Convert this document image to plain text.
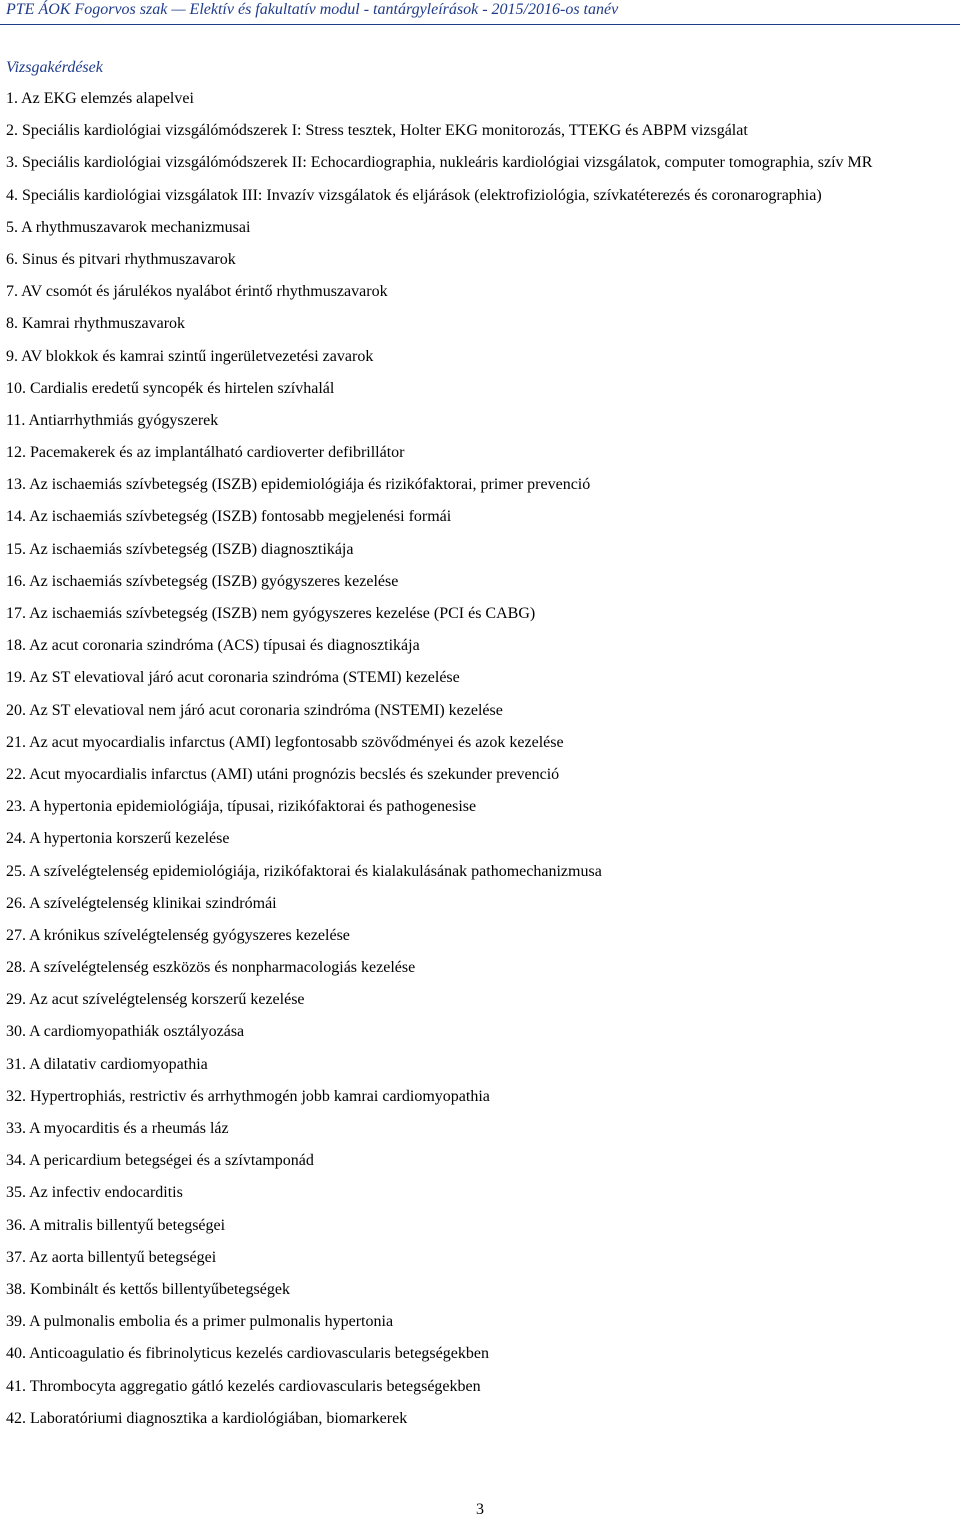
PTE ÁOK Fogorvos szak — Elektív és fakultatív modul - tantárgyleírások - 2015/2016-os tanév
Vizsgakérdések
1. Az EKG elemzés alapelvei
2. Speciális kardiológiai vizsgálómódszerek I: Stress tesztek, Holter EKG monitorozás, TTEKG és ABPM vizsgálat
3. Speciális kardiológiai vizsgálómódszerek II: Echocardiographia, nukleáris kardiológiai vizsgálatok, computer tomographia, szív MR
4. Speciális kardiológiai vizsgálatok III: Invazív vizsgálatok és eljárások (elektrofiziológia, szívkatéterezés és coronarographia)
5. A rhythmuszavarok mechanizmusai
6. Sinus és pitvari rhythmuszavarok
7. AV csomót és járulékos nyalábot érintő rhythmuszavarok
8. Kamrai rhythmuszavarok
9. AV blokkok és kamrai szintű ingerületvezetési zavarok
10. Cardialis eredetű syncopék és hirtelen szívhalál
11. Antiarrhythmiás gyógyszerek
12. Pacemakerek és az implantálható cardioverter defibrillátor
13. Az ischaemiás szívbetegség (ISZB) epidemiológiája és rizikófaktorai, primer prevenció
14. Az ischaemiás szívbetegség (ISZB) fontosabb megjelenési formái
15. Az ischaemiás szívbetegség (ISZB) diagnosztikája
16. Az ischaemiás szívbetegség (ISZB) gyógyszeres kezelése
17. Az ischaemiás szívbetegség (ISZB) nem gyógyszeres kezelése (PCI és CABG)
18. Az acut coronaria szindróma (ACS) típusai és diagnosztikája
19. Az ST elevatioval járó acut coronaria szindróma (STEMI) kezelése
20. Az ST elevatioval nem járó acut coronaria szindróma (NSTEMI) kezelése
21. Az acut myocardialis infarctus (AMI) legfontosabb szövődményei és azok kezelése
22. Acut myocardialis infarctus (AMI) utáni prognózis becslés és szekunder prevenció
23. A hypertonia epidemiológiája, típusai, rizikófaktorai és pathogenesise
24. A hypertonia korszerű kezelése
25. A szívelégtelenség epidemiológiája, rizikófaktorai és kialakulásának pathomechanizmusa
26. A szívelégtelenség klinikai szindrómái
27. A krónikus szívelégtelenség gyógyszeres kezelése
28. A szívelégtelenség eszközös és nonpharmacologiás kezelése
29. Az acut szívelégtelenség korszerű kezelése
30. A cardiomyopathiák osztályozása
31. A dilatativ cardiomyopathia
32. Hypertrophiás, restrictiv és arrhythmogén jobb kamrai cardiomyopathia
33. A myocarditis és a rheumás láz
34. A pericardium betegségei és a szívtamponád
35. Az infectiv endocarditis
36. A mitralis billentyű betegségei
37. Az aorta billentyű betegségei
38. Kombinált és kettős billentyűbetegségek
39. A pulmonalis embolia és a primer pulmonalis hypertonia
40. Anticoagulatio és fibrinolyticus kezelés cardiovascularis betegségekben
41. Thrombocyta aggregatio gátló kezelés cardiovascularis betegségekben
42. Laboratóriumi diagnosztika a kardiológiában, biomarkerek
3
